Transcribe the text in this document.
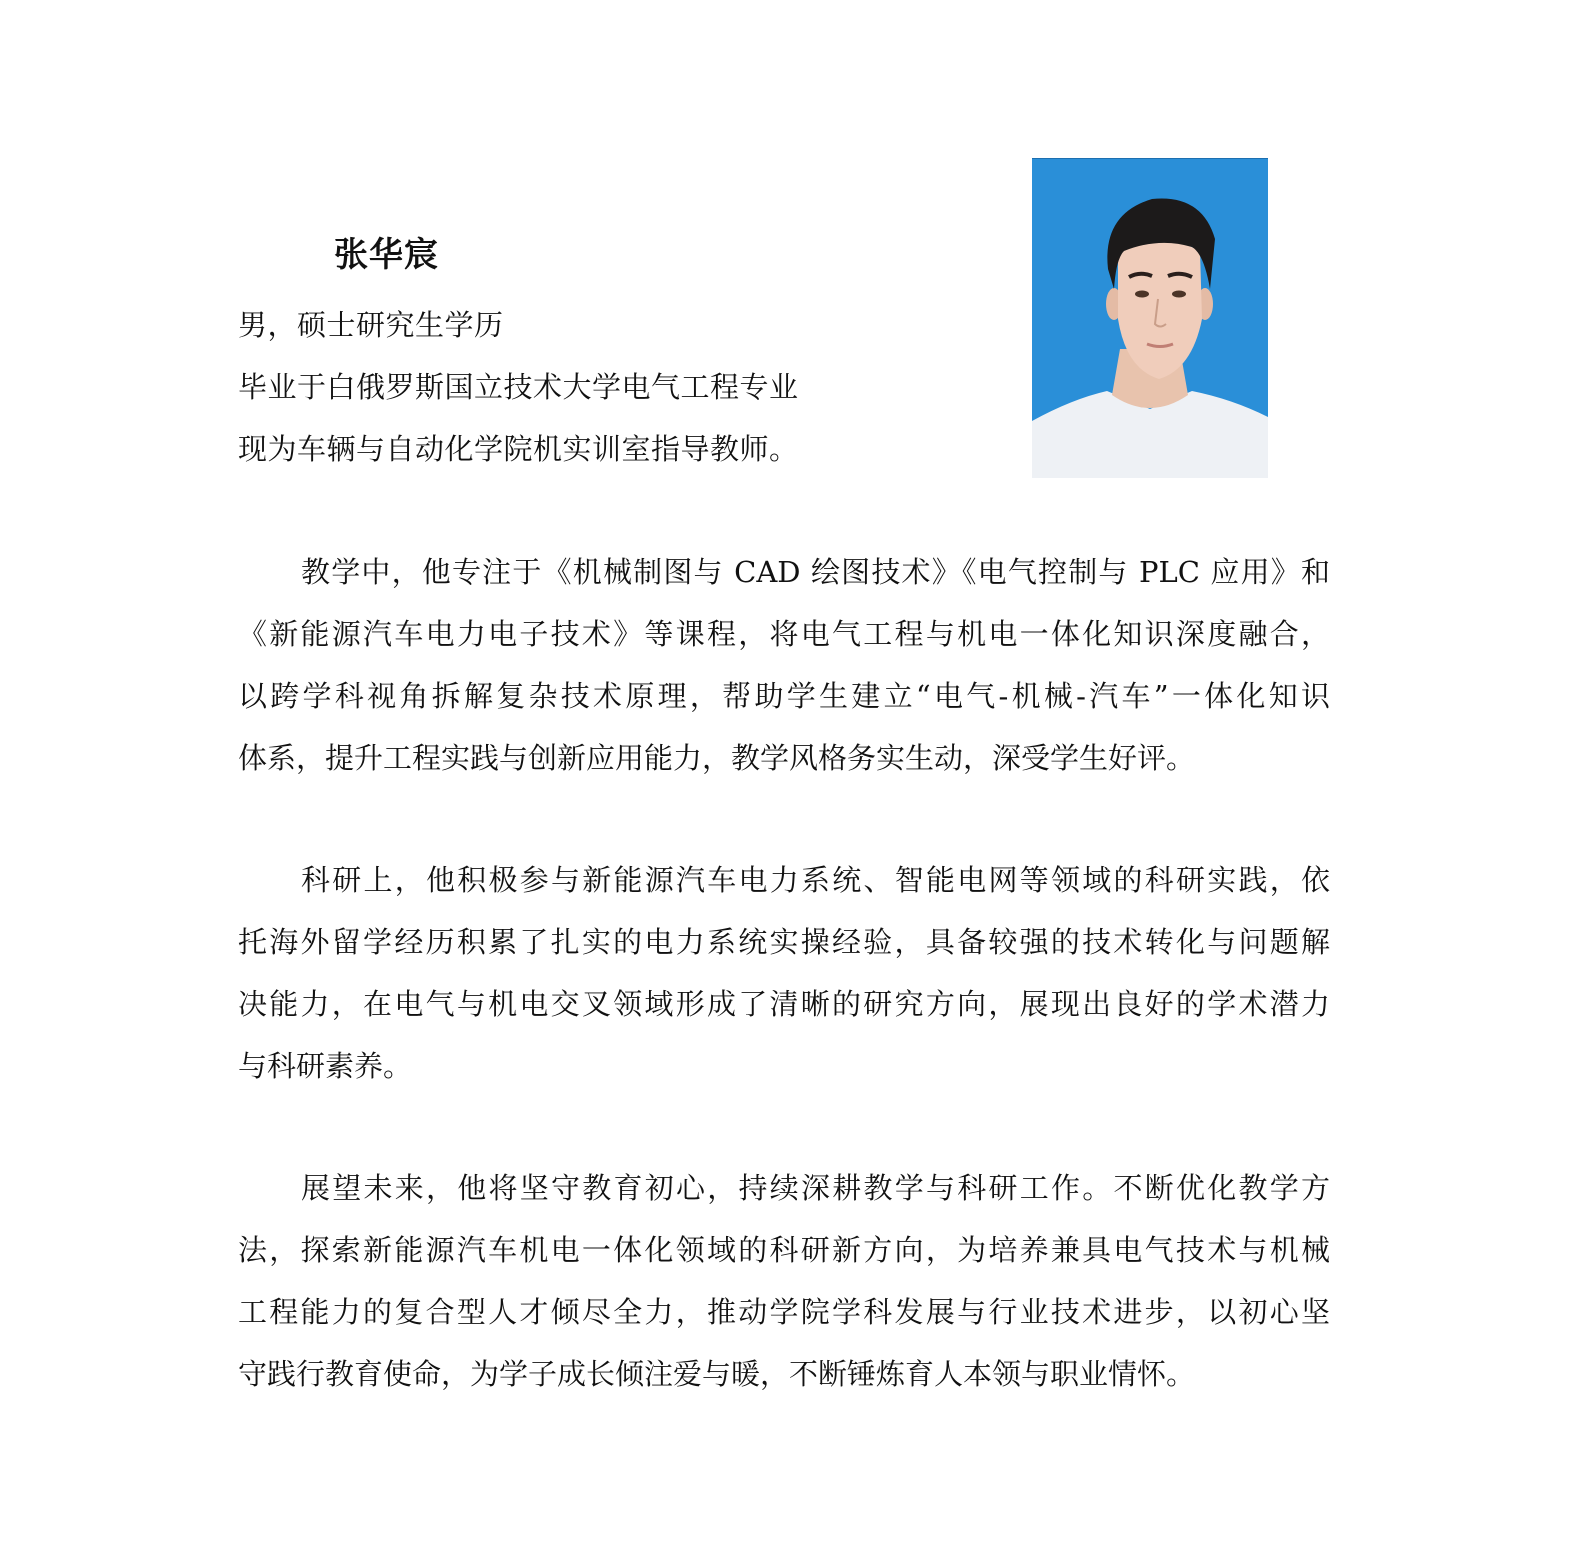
张华宸
男，硕士研究生学历
毕业于白俄罗斯国立技术大学电气工程专业
现为车辆与自动化学院机实训室指导教师。
教学中，他专注于《机械制图与 CAD 绘图技术》《电气控制与 PLC 应用》和
《新能源汽车电力电子技术》等课程，将电气工程与机电一体化知识深度融合，
以跨学科视角拆解复杂技术原理，帮助学生建立“电气-机械-汽车”一体化知识
体系，提升工程实践与创新应用能力，教学风格务实生动，深受学生好评。
科研上，他积极参与新能源汽车电力系统、智能电网等领域的科研实践，依
托海外留学经历积累了扎实的电力系统实操经验，具备较强的技术转化与问题解
决能力，在电气与机电交叉领域形成了清晰的研究方向，展现出良好的学术潜力
与科研素养。
展望未来，他将坚守教育初心，持续深耕教学与科研工作。不断优化教学方
法，探索新能源汽车机电一体化领域的科研新方向，为培养兼具电气技术与机械
工程能力的复合型人才倾尽全力，推动学院学科发展与行业技术进步，以初心坚
守践行教育使命，为学子成长倾注爱与暖，不断锤炼育人本领与职业情怀。
